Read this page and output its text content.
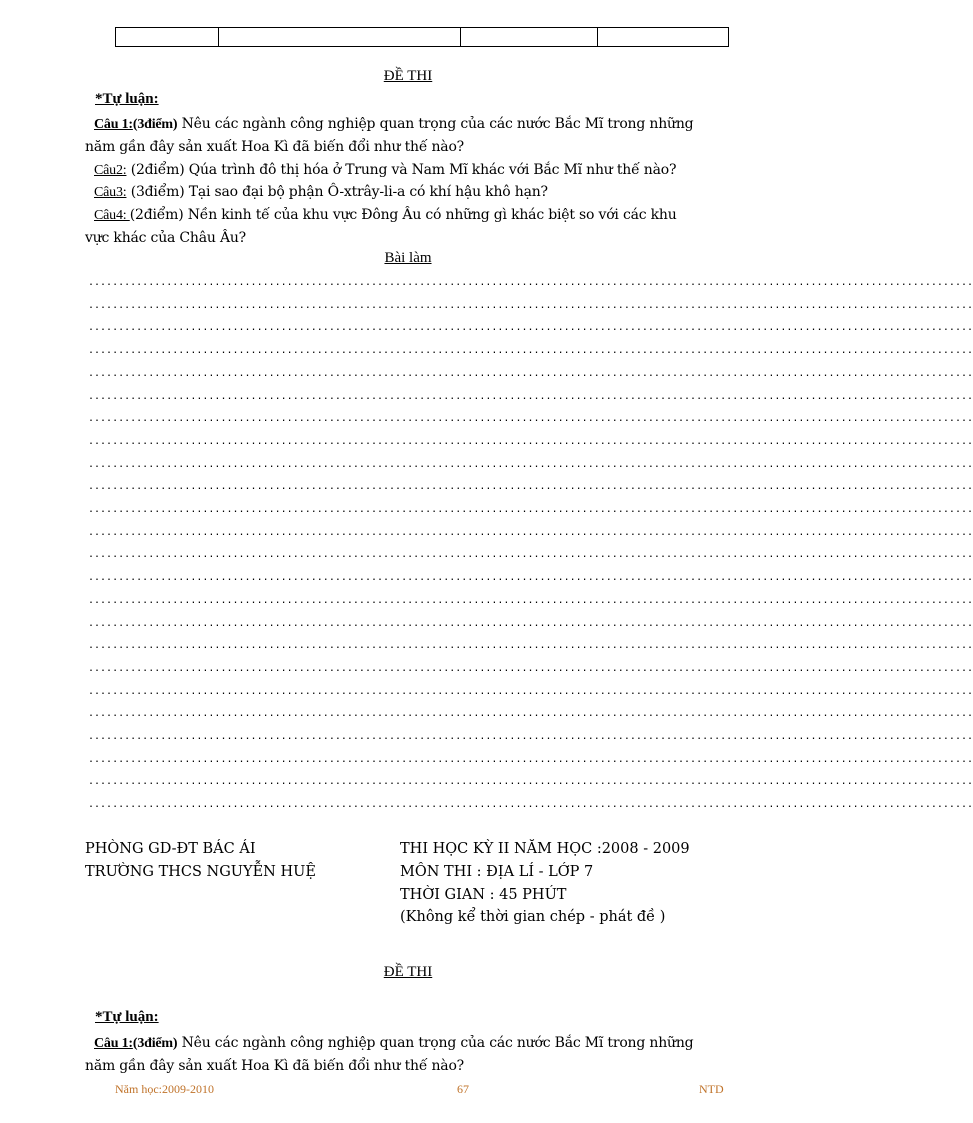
ĐỀ THI
*Tự luận:
Câu 1:(3điểm) Nêu các ngành công nghiệp quan trọng của các nước Bắc Mĩ trong những
năm gần đây sản xuất Hoa Kì đã biến đổi như thế nào?
Câu2: (2điểm) Qúa trình đô thị hóa ở Trung và Nam Mĩ khác với Bắc Mĩ như thế nào?
Câu3: (3điểm) Tại sao đại bộ phận Ô-xtrây-li-a có khí hậu khô hạn?
Câu4: (2điểm) Nền kinh tế của khu vực Đông Âu có những gì khác biệt so với các khu
vực khác của Châu Âu?
Bài làm
...................................................................................................................................................
...................................................................................................................................................
...................................................................................................................................................
...................................................................................................................................................
...................................................................................................................................................
...................................................................................................................................................
...................................................................................................................................................
...................................................................................................................................................
...................................................................................................................................................
...................................................................................................................................................
...................................................................................................................................................
...................................................................................................................................................
...................................................................................................................................................
...................................................................................................................................................
...................................................................................................................................................
...................................................................................................................................................
...................................................................................................................................................
...................................................................................................................................................
...................................................................................................................................................
...................................................................................................................................................
...................................................................................................................................................
...................................................................................................................................................
...................................................................................................................................................
...................................................................................................................................................
PHÒNG GD-ĐT BÁC ÁI
TRƯỜNG THCS NGUYỄN HUỆ
THI HỌC KỲ II NĂM HỌC :2008 - 2009
MÔN THI : ĐỊA LÍ - LỚP 7
THỜI GIAN : 45 PHÚT
(Không kể thời gian chép - phát đề )
ĐỀ THI
*Tự luận:
Câu 1:(3điểm) Nêu các ngành công nghiệp quan trọng của các nước Bắc Mĩ trong những
năm gần đây sản xuất Hoa Kì đã biến đổi như thế nào?
Năm học:2009-2010	67	NTD
